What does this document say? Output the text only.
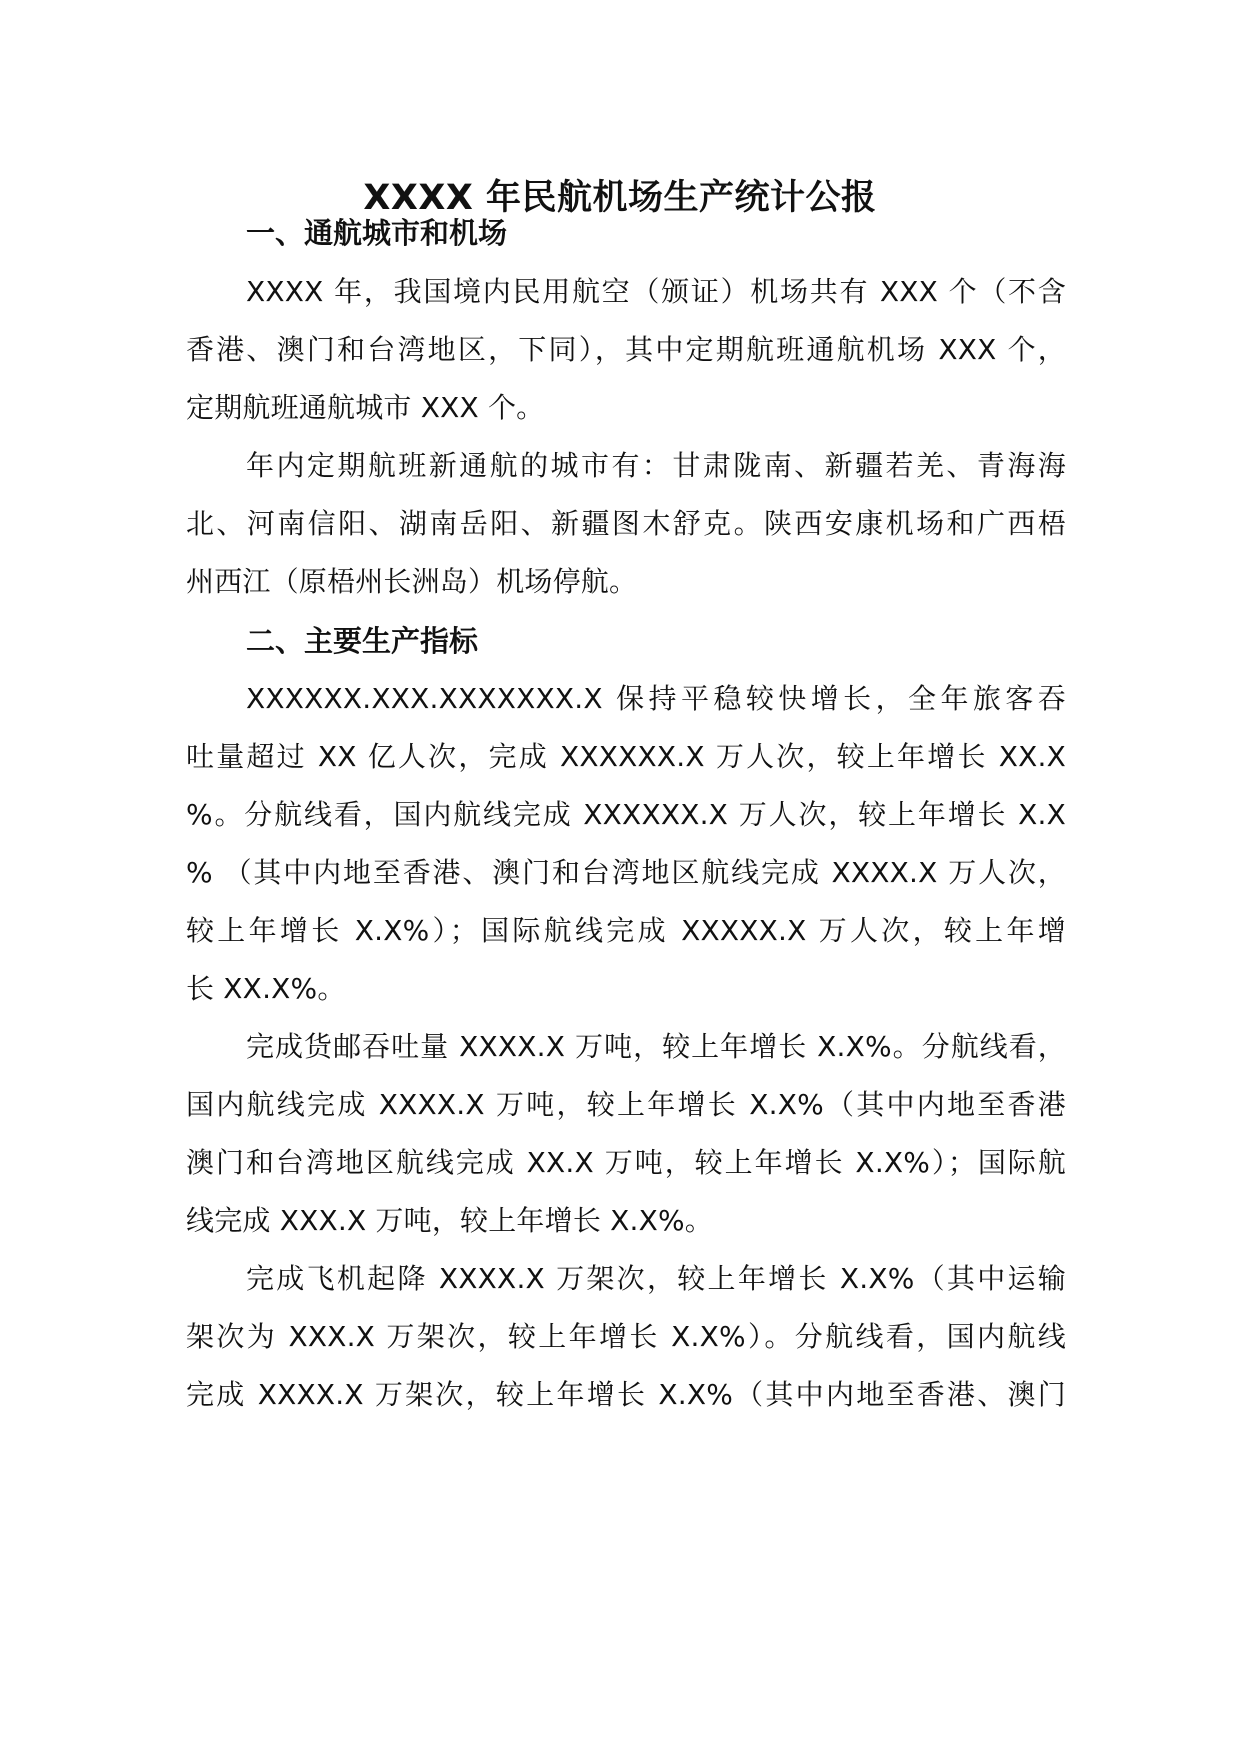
XXXX 年民航机场生产统计公报
一、通航城市和机场

XXXX 年，我国境内民用航空（颁证）机场共有 XXX 个（不含

香港、澳门和台湾地区，下同），其中定期航班通航机场 XXX 个，

定期航班通航城市 XXX 个。

年内定期航班新通航的城市有：甘肃陇南、新疆若羌、青海海

北、河南信阳、湖南岳阳、新疆图木舒克。陕西安康机场和广西梧

州西江（原梧州长洲岛）机场停航。

二、主要生产指标

XXXXXX.XXX.XXXXXXX.X 保持平稳较快增长，全年旅客吞

吐量超过 XX 亿人次，完成 XXXXXX.X 万人次，较上年增长 XX.X

%。分航线看，国内航线完成 XXXXXX.X 万人次，较上年增长 X.X

% （其中内地至香港、澳门和台湾地区航线完成 XXXX.X 万人次，

较上年增长 X.X%）；国际航线完成 XXXXX.X 万人次，较上年增

长 XX.X%。

完成货邮吞吐量 XXXX.X 万吨，较上年增长 X.X%。分航线看，

国内航线完成 XXXX.X 万吨，较上年增长 X.X%（其中内地至香港

澳门和台湾地区航线完成 XX.X 万吨，较上年增长 X.X%）；国际航

线完成 XXX.X 万吨，较上年增长 X.X%。

完成飞机起降 XXXX.X 万架次，较上年增长 X.X%（其中运输

架次为 XXX.X 万架次，较上年增长 X.X%）。分航线看，国内航线

完成 XXXX.X 万架次，较上年增长 X.X%（其中内地至香港、澳门
